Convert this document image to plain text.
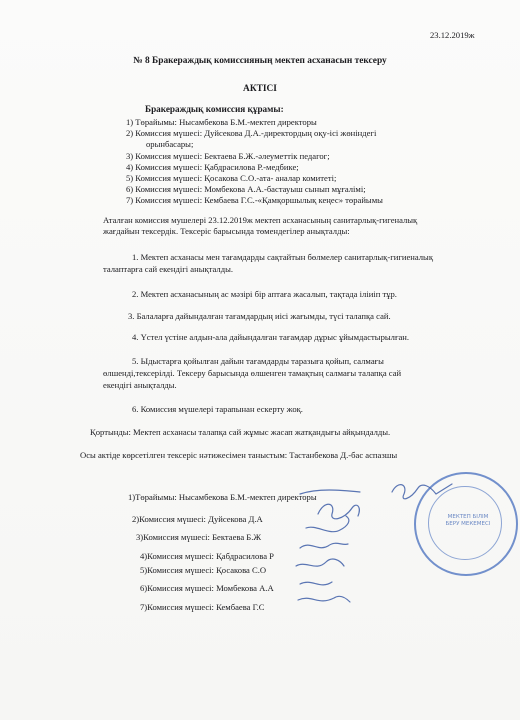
23.12.2019ж
№ 8 Бракераждық комиссияның мектеп асханасын тексеру
АКТІСІ
Бракераждық комиссия құрамы:
1) Төрайымы: Нысамбекова Б.М.-мектеп директоры
2) Комиссия мүшесі: Дуйсекова Д.А.-директордың оқу-ісі жөніндегі
орынбасары;
3) Комиссия мүшесі: Бектаева Б.Ж.-әлеуметтік педагог;
4) Комиссия мүшесі: Қабдрасилова Р.-медбике;
5) Комиссия мүшесі: Қосакова С.О.-ата- аналар комитеті;
6) Комиссия мүшесі: Момбекова А.А.-бастауыш сынып мұғалімі;
7) Комиссия мүшесі: Кембаева Г.С.-«Қамқоршылық кеңес» төрайымы
Аталған комиссия мушелері 23.12.2019ж мектеп асханасының санитарлық-гигеналық
жағдайын тексердік. Тексеріс барысында төмендегілер анықталды:
1. Мектеп асханасы мен тағамдарды сақтайтын бөлмелер санитарлық-гигиеналық
талаптарға сай екендігі анықталды.
2. Мектеп асханасының ас мәзірі бір аптаға жасалып, тақтада іліиіп тұр.
3. Балаларға дайындалған тағамдардың иісі жағымды, түсі талапқа сай.
4. Үстел үстіне алдын-ала дайындалған тағамдар дұрыс ұйымдастырылған.
5. Ыдыстарға қойылған дайын тағамдарды таразыға қойып, салмағы
өлшенді,тексерілді. Тексеру барысында өлшенген тамақтың салмағы талапқа сай
екендігі анықталды.
6. Комиссия мүшелері тарапынан ескерту жоқ.
Қортынды: Мектеп асханасы талапқа сай жұмыс жасап жатқандығы айқындалды.
Осы актіде көрсетілген тексеріс нәтижесімен таныстым: Тастанбекова Д.-бас аспазшы
МЕКТЕП БІЛІМ БЕРУ МЕКЕМЕСІ
1)Төрайымы: Нысамбекова Б.М.-мектеп директоры
2)Комиссия мүшесі: Дуйсекова Д.А
3)Комиссия мүшесі: Бектаева Б.Ж
4)Комиссия мүшесі: Қабдрасилова Р
5)Комиссия мүшесі: Қосакова С.О
6)Комиссия мүшесі: Момбекова А.А
7)Комиссия мүшесі: Кембаева Г.С
